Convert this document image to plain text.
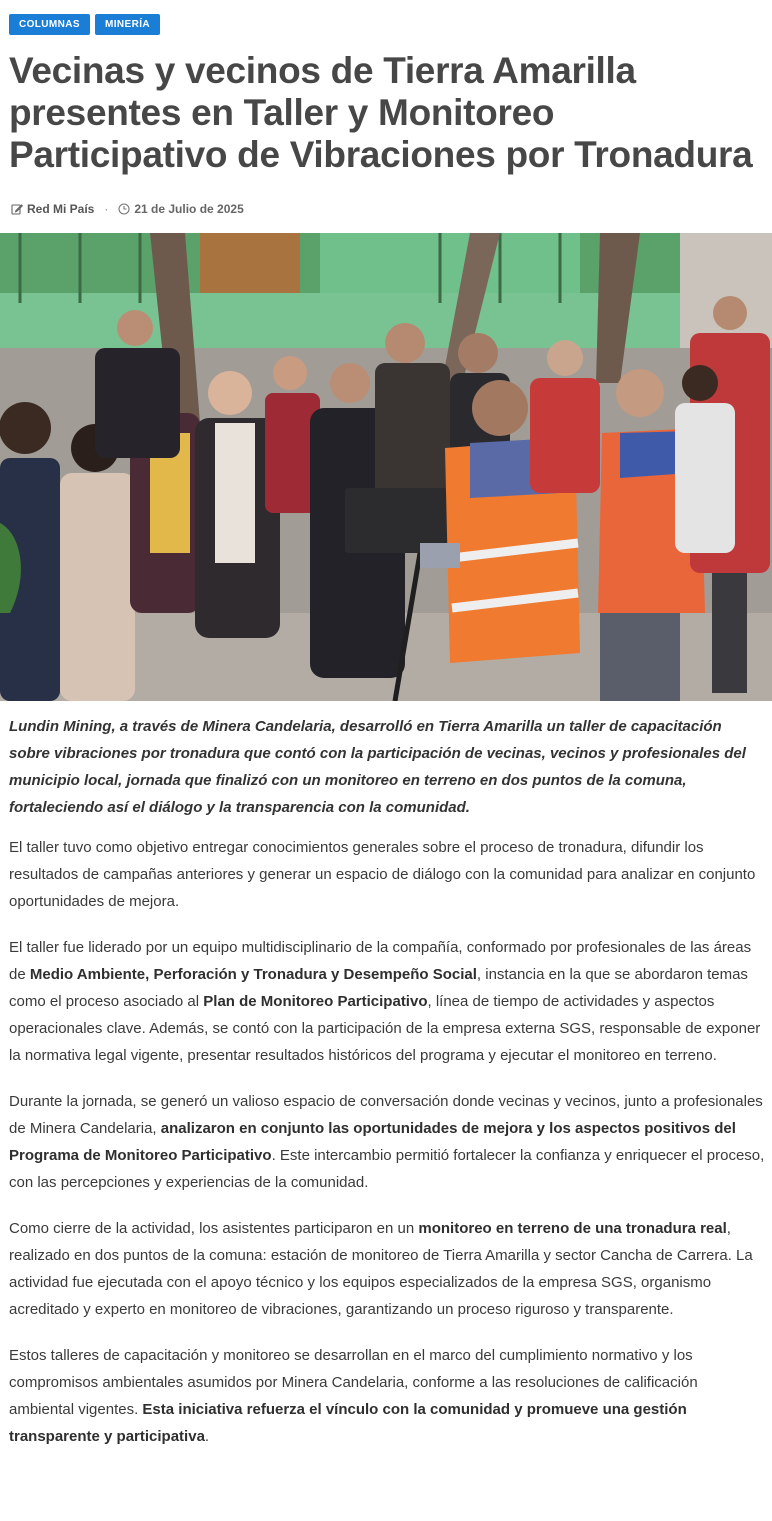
COLUMNAS	MINERÍA
Vecinas y vecinos de Tierra Amarilla presentes en Taller y Monitoreo Participativo de Vibraciones por Tronadura
Red Mi País · 21 de Julio de 2025

Lundin Mining, a través de Minera Candelaria, desarrolló en Tierra Amarilla un taller de capacitación sobre vibraciones por tronadura que contó con la participación de vecinas, vecinos y profesionales del municipio local, jornada que finalizó con un monitoreo en terreno en dos puntos de la comuna, fortaleciendo así el diálogo y la transparencia con la comunidad.

El taller tuvo como objetivo entregar conocimientos generales sobre el proceso de tronadura, difundir los resultados de campañas anteriores y generar un espacio de diálogo con la comunidad para analizar en conjunto oportunidades de mejora.

El taller fue liderado por un equipo multidisciplinario de la compañía, conformado por profesionales de las áreas de Medio Ambiente, Perforación y Tronadura y Desempeño Social, instancia en la que se abordaron temas como el proceso asociado al Plan de Monitoreo Participativo, línea de tiempo de actividades y aspectos operacionales clave. Además, se contó con la participación de la empresa externa SGS, responsable de exponer la normativa legal vigente, presentar resultados históricos del programa y ejecutar el monitoreo en terreno.

Durante la jornada, se generó un valioso espacio de conversación donde vecinas y vecinos, junto a profesionales de Minera Candelaria, analizaron en conjunto las oportunidades de mejora y los aspectos positivos del Programa de Monitoreo Participativo. Este intercambio permitió fortalecer la confianza y enriquecer el proceso, con las percepciones y experiencias de la comunidad.

Como cierre de la actividad, los asistentes participaron en un monitoreo en terreno de una tronadura real, realizado en dos puntos de la comuna: estación de monitoreo de Tierra Amarilla y sector Cancha de Carrera. La actividad fue ejecutada con el apoyo técnico y los equipos especializados de la empresa SGS, organismo acreditado y experto en monitoreo de vibraciones, garantizando un proceso riguroso y transparente.

Estos talleres de capacitación y monitoreo se desarrollan en el marco del cumplimiento normativo y los compromisos ambientales asumidos por Minera Candelaria, conforme a las resoluciones de calificación ambiental vigentes. Esta iniciativa refuerza el vínculo con la comunidad y promueve una gestión transparente y participativa.
